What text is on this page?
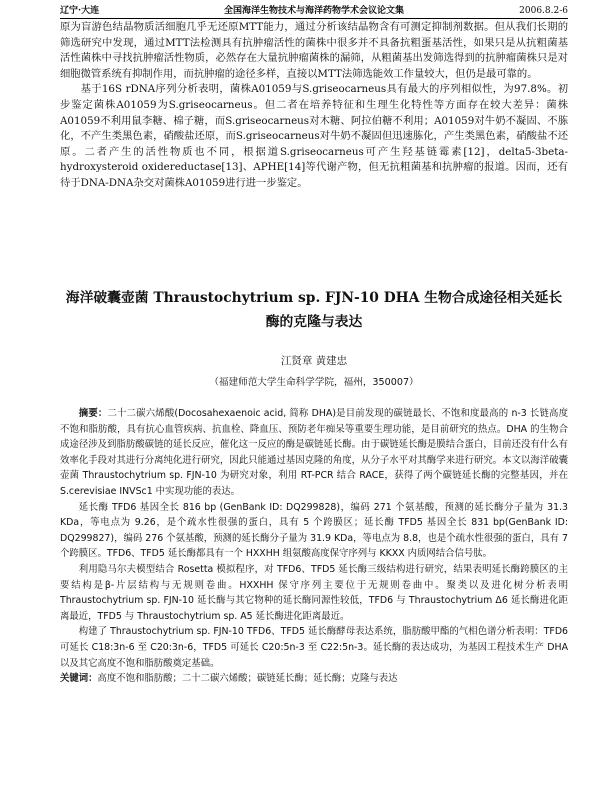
辽宁·大连	全国海洋生物技术与海洋药物学术会议论文集	2006.8.2-6

原为盲游色结晶物质活细胞几乎无还原MTT能力，通过分析该结晶物含有可测定抑制剂数据。但从我们长期的筛选研究中发现，通过MTT法检测具有抗肿瘤活性的菌株中很多并不具备抗粗蛋基活性，如果只是从抗粗菌基活性菌株中寻找抗肿瘤活性物质，必然存在大量抗肿瘤菌株的漏筛，从粗菌基出发筛选得到的抗肿瘤菌株只是对细胞微管系统有抑制作用，而抗肿瘤的途径多样，直接以MTT法筛选能效工作量较大，但仍是最可靠的。

基于16S rDNA序列分析表明，菌株A01059与S.griseocarneus具有最大的序列相似性，为97.8%。初步鉴定菌株A01059为S.griseocarneus。但二者在培养特征和生理生化特性等方面存在较大差异：菌株A01059不利用鼠李糖、棉子糖，而S.griseocarneus对木糖、阿拉伯糖不利用；A01059对牛奶不凝固、不胨化，不产生类黑色素，硝酸盐还原，而S.griseocarneus对牛奶不凝固但迅速胨化，产生类黑色素，硝酸盐不还原。二者产生的活性物质也不同，根据道S.griseocarneus可产生羟基链霉素[12]，delta5-3beta-hydroxysteroid oxidereductase[13]、APHE[14]等代谢产物，但无抗粗菌基和抗肿瘤的报道。因而，还有待于DNA-DNA杂交对菌株A01059进行进一步鉴定。

海洋破囊壶菌 Thraustochytrium sp. FJN-10 DHA 生物合成途径相关延长酶的克隆与表达
江贤章 黄建忠
（福建师范大学生命科学学院，福州，350007）

摘要：二十二碳六烯酸(Docosahexaenoic acid, 简称 DHA)是目前发现的碳链最长、不饱和度最高的 n-3 长链高度不饱和脂肪酸，具有抗心血管疾病、抗血栓、降血压、预防老年痴呆等重要生理功能，是目前研究的热点。DHA 的生物合成途径涉及到脂肪酸碳链的延长反应，催化这一反应的酶是碳链延长酶。由于碳链延长酶是膜结合蛋白，目前还没有什么有效率化手段对其进行分离纯化进行研究，因此只能通过基因克隆的角度，从分子水平对其酶学来进行研究。本文以海洋破囊壶菌 Thraustochytrium sp. FJN-10 为研究对象，利用 RT-PCR 结合 RACE，获得了两个碳链延长酶的完整基因，并在 S.cerevisiae INVSc1 中实现功能的表达。

延长酶 TFD6 基因全长 816 bp (GenBank ID: DQ299828)，编码 271 个氨基酸，预测的延长酶分子量为 31.3 KDa，等电点为 9.26，是个疏水性很强的蛋白，具有 5 个跨膜区；延长酶 TFD5 基因全长 831 bp(GenBank ID: DQ299827)，编码 276 个氨基酸，预测的延长酶分子量为 31.9 KDa，等电点为 8.8，也是个疏水性很强的蛋白，具有 7 个跨膜区。TFD6、TFD5 延长酶都具有一个 HXXHH 组氨酸高度保守序列与 KKXX 内质网结合信号肽。

利用隐马尔夫模型结合 Rosetta 模拟程序，对 TFD6、TFD5 延长酶三级结构进行研究，结果表明延长酶跨膜区的主要结构是β-片层结构与无规则卷曲。HXXHH 保守序列主要位于无规则卷曲中。聚类以及进化树分析表明 Thraustochytrium sp. FJN-10 延长酶与其它物种的延长酶同源性较低，TFD6 与 Thraustochytrium Δ6 延长酶进化距离最近，TFD5 与 Thraustochytrium sp. A5 延长酶进化距离最近。

构建了 Thraustochytrium sp. FJN-10 TFD6、TFD5 延长酶酵母表达系统，脂肪酸甲酯的气相色谱分析表明：TFD6 可延长 C18:3n-6 至 C20:3n-6，TFD5 可延长 C20:5n-3 至 C22:5n-3。延长酶的表达成功，为基因工程技术生产 DHA 以及其它高度不饱和脂肪酸奠定基础。

关键词：高度不饱和脂肪酸；二十二碳六烯酸；碳链延长酶；延长酶；克隆与表达
